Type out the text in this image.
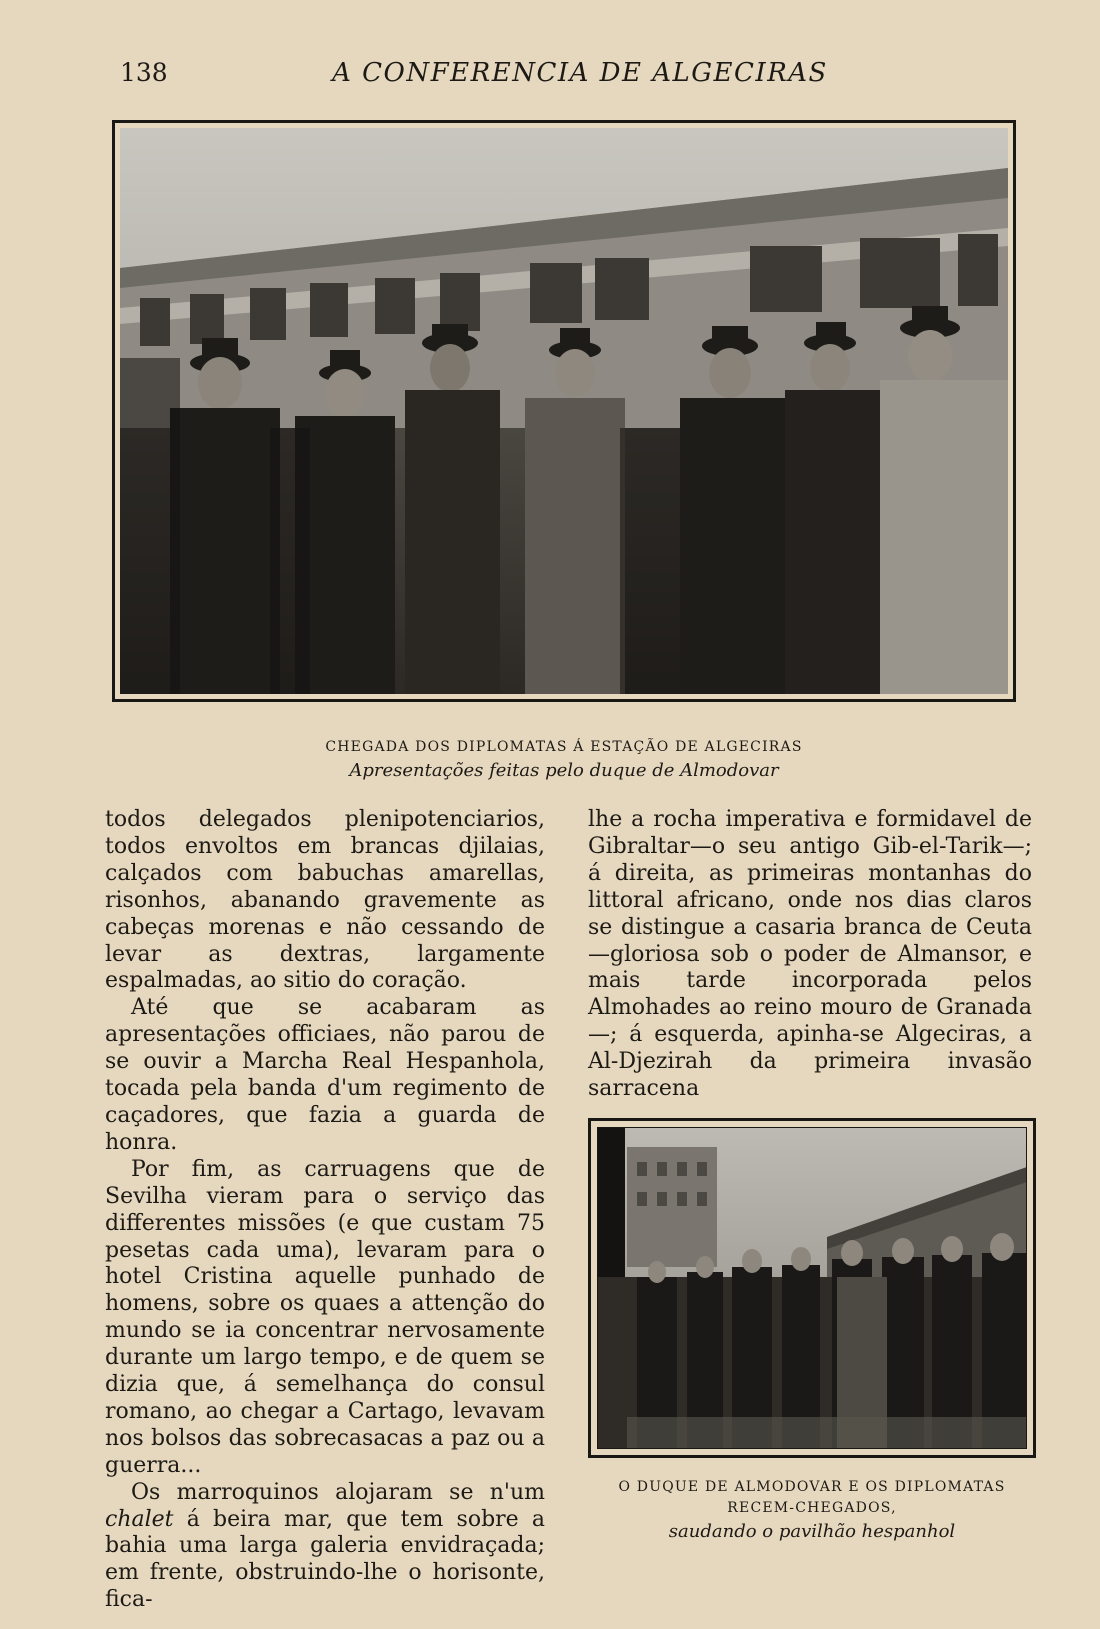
138	A CONFERENCIA DE ALGECIRAS
CHEGADA DOS DIPLOMATAS Á ESTAÇÃO DE ALGECIRAS
Apresentações feitas pelo duque de Almodovar

todos delegados plenipotenciarios, todos envoltos em brancas djilaias, calçados com babuchas amarellas, risonhos, abanando gravemente as cabeças morenas e não cessando de levar as dextras, largamente espalmadas, ao sitio do coração.

Até que se acabaram as apresentações officiaes, não parou de se ouvir a Marcha Real Hespanhola, tocada pela banda d'um regimento de caçadores, que fazia a guarda de honra.

Por fim, as carruagens que de Sevilha vieram para o serviço das differentes missões (e que custam 75 pesetas cada uma), levaram para o hotel Cristina aquelle punhado de homens, sobre os quaes a attenção do mundo se ia concentrar nervosamente durante um largo tempo, e de quem se dizia que, á semelhança do consul romano, ao chegar a Cartago, levavam nos bolsos das sobrecasacas a paz ou a guerra...

Os marroquinos alojaram se n'um chalet á beira mar, que tem sobre a bahia uma larga galeria envidraçada; em frente, obstruindo-lhe o horisonte, fica-

lhe a rocha imperativa e formidavel de Gibraltar—o seu antigo Gib-el-Tarik—; á direita, as primeiras montanhas do littoral africano, onde nos dias claros se distingue a casaria branca de Ceuta—gloriosa sob o poder de Almansor, e mais tarde incorporada pelos Almohades ao reino mouro de Granada—; á esquerda, apinha-se Algeciras, a Al-Djezirah da primeira invasão sarracena

O DUQUE DE ALMODOVAR E OS DIPLOMATAS
RECEM-CHEGADOS,
saudando o pavilhão hespanhol
